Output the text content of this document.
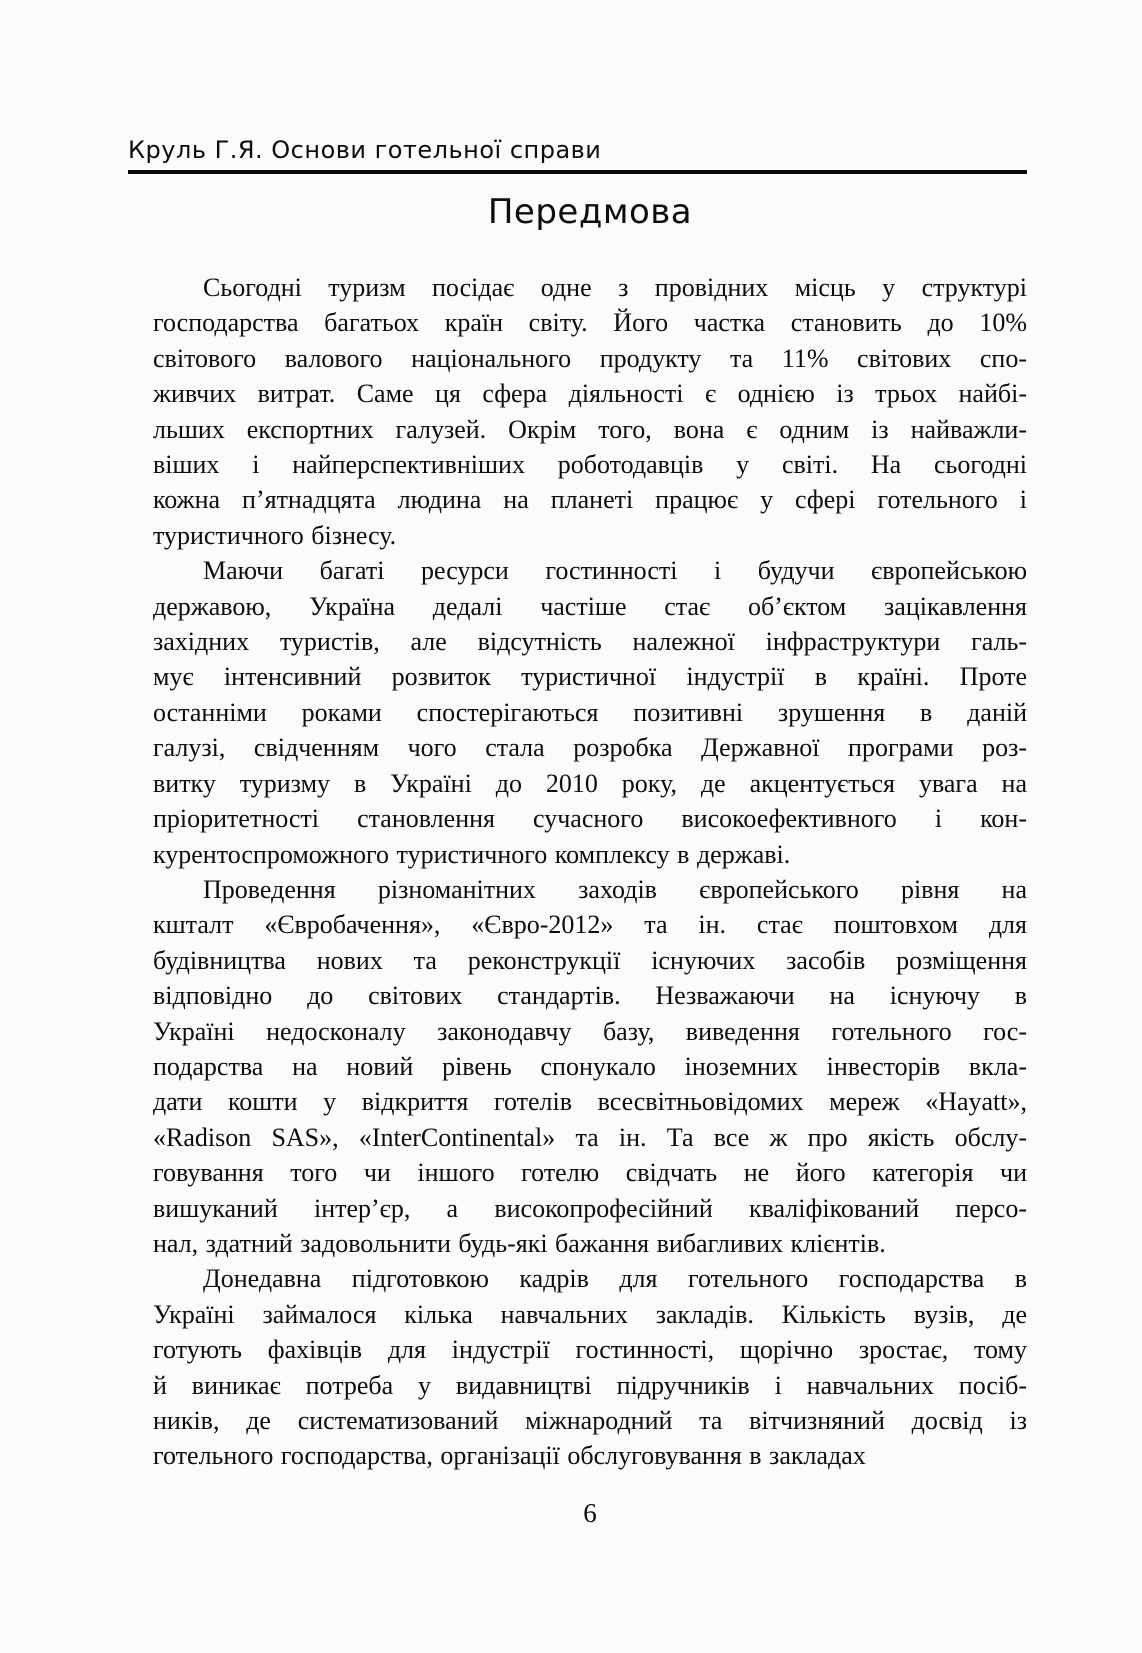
Круль Г.Я. Основи готельної справи
Передмова
Сьогодні туризм посідає одне з провідних місць у структурі
господарства багатьох країн світу. Його частка становить до 10%
світового валового національного продукту та 11% світових спо-
живчих витрат. Саме ця сфера діяльності є однією із трьох найбі-
льших експортних галузей. Окрім того, вона є одним із найважли-
віших і найперспективніших роботодавців у світі. На сьогодні
кожна п’ятнадцята людина на планеті працює у сфері готельного і
туристичного бізнесу.
Маючи багаті ресурси гостинності і будучи європейською
державою, Україна дедалі частіше стає об’єктом зацікавлення
західних туристів, але відсутність належної інфраструктури галь-
мує інтенсивний розвиток туристичної індустрії в країні. Проте
останніми роками спостерігаються позитивні зрушення в даній
галузі, свідченням чого стала розробка Державної програми роз-
витку туризму в Україні до 2010 року, де акцентується увага на
пріоритетності становлення сучасного високоефективного і кон-
курентоспроможного туристичного комплексу в державі.
Проведення різноманітних заходів європейського рівня на
кшталт «Євробачення», «Євро-2012» та ін. стає поштовхом для
будівництва нових та реконструкції існуючих засобів розміщення
відповідно до світових стандартів. Незважаючи на існуючу в
Україні недосконалу законодавчу базу, виведення готельного гос-
подарства на новий рівень спонукало іноземних інвесторів вкла-
дати кошти у відкриття готелів всесвітньовідомих мереж «Hayatt»,
«Radison SAS», «InterContinental» та ін. Та все ж про якість обслу-
говування того чи іншого готелю свідчать не його категорія чи
вишуканий інтер’єр, а високопрофесійний кваліфікований персо-
нал, здатний задовольнити будь-які бажання вибагливих клієнтів.
Донедавна підготовкою кадрів для готельного господарства в
Україні займалося кілька навчальних закладів. Кількість вузів, де
готують фахівців для індустрії гостинності, щорічно зростає, тому
й виникає потреба у видавництві підручників і навчальних посіб-
ників, де систематизований міжнародний та вітчизняний досвід із
готельного господарства, організації обслуговування в закладах
6
